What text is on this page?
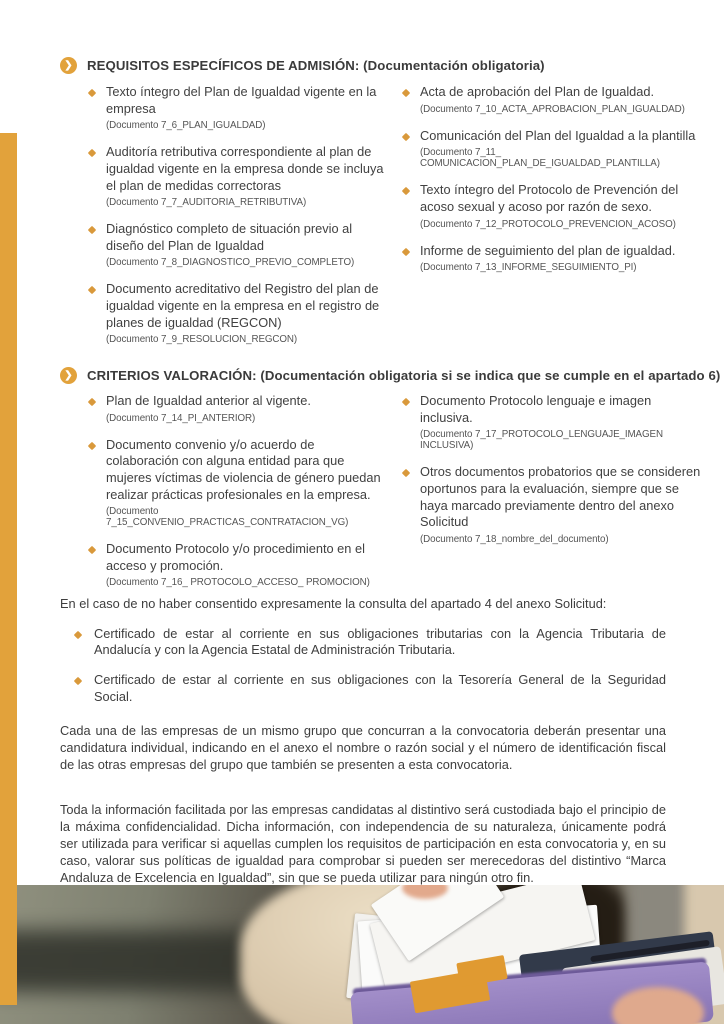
❯	REQUISITOS ESPECÍFICOS DE ADMISIÓN: (Documentación obligatoria)
Texto íntegro del Plan de Igualdad vigente en la empresa
(Documento 7_6_PLAN_IGUALDAD)
Auditoría retributiva correspondiente al plan de igualdad vigente en la empresa donde se incluya el plan de medidas correctoras
(Documento 7_7_AUDITORIA_RETRIBUTIVA)
Diagnóstico completo de situación previo al diseño del Plan de Igualdad
(Documento 7_8_DIAGNOSTICO_PREVIO_COMPLETO)
Documento acreditativo del Registro del plan de igualdad vigente en la empresa en el registro de planes de igualdad (REGCON)
(Documento 7_9_RESOLUCION_REGCON)
Acta de aprobación del Plan de Igualdad.
(Documento 7_10_ACTA_APROBACION_PLAN_IGUALDAD)
Comunicación del Plan del Igualdad a la plantilla
(Documento 7_11_ COMUNICACION_PLAN_DE_IGUALDAD_PLANTILLA)
Texto íntegro del Protocolo de Prevención del acoso sexual y acoso por razón de sexo.
(Documento 7_12_PROTOCOLO_PREVENCION_ACOSO)
Informe de seguimiento del plan de igualdad.
(Documento 7_13_INFORME_SEGUIMIENTO_PI)
❯	CRITERIOS VALORACIÓN: (Documentación obligatoria si se indica que se cumple en el apartado 6)
Plan de Igualdad anterior al vigente.
(Documento 7_14_PI_ANTERIOR)
Documento convenio y/o acuerdo de colaboración con alguna entidad para que mujeres víctimas de violencia de género puedan realizar prácticas profesionales en la empresa.
(Documento 7_15_CONVENIO_PRACTICAS_CONTRATACION_VG)
Documento Protocolo y/o procedimiento en el acceso y promoción.
(Documento 7_16_ PROTOCOLO_ACCESO_ PROMOCION)
Documento Protocolo lenguaje e imagen inclusiva.
(Documento 7_17_PROTOCOLO_LENGUAJE_IMAGEN INCLUSIVA)
Otros documentos probatorios que se consideren oportunos para la evaluación, siempre que se haya marcado previamente dentro del anexo Solicitud
(Documento 7_18_nombre_del_documento)
En el caso de no haber consentido expresamente la consulta del apartado 4 del anexo Solicitud:
Certificado de estar al corriente en sus obligaciones tributarias con la Agencia Tributaria de Andalucía y con la Agencia Estatal de Administración Tributaria.
Certificado de estar al corriente en sus obligaciones con la Tesorería General de la Seguridad Social.
Cada una de las empresas de un mismo grupo que concurran a la convocatoria deberán presentar una candidatura individual, indicando en el anexo el nombre o razón social y el número de identificación fiscal de las otras empresas del grupo que también se presenten a esta convocatoria.
Toda la información facilitada por las empresas candidatas al distintivo será custodiada bajo el principio de la máxima confidencialidad. Dicha información, con independencia de su naturaleza, únicamente podrá ser utilizada para verificar si aquellas cumplen los requisitos de participación en esta convocatoria y, en su caso, valorar sus políticas de igualdad para comprobar si pueden ser merecedoras del distintivo “Marca Andaluza de Excelencia en Igualdad”, sin que se pueda utilizar para ningún otro fin.
